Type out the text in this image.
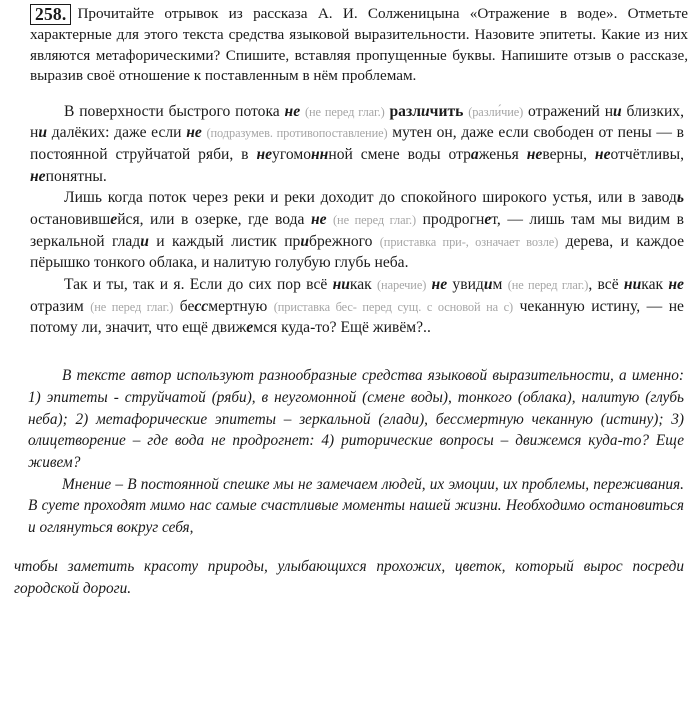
258. Прочитайте отрывок из рассказа А. И. Солженицына «Отражение в воде». Отметьте характерные для этого текста средства языковой выразительности. Назовите эпитеты. Какие из них являются метафорическими? Спишите, вставляя пропущенные буквы. Напишите отзыв о рассказе, выразив своё отношение к поставленным в нём проблемам.

В поверхности быстрого потока не (не перед глаг.) различить (разли́чие) отражений ни близких, ни далёких: даже если не (подразумев. противопоставление) мутен он, даже если свободен от пены — в постоянной струйчатой ряби, в неугомоннной смене воды отраженья неверны, неотчётливы, непонятны.

Лишь когда поток через реки и реки доходит до спокойного широкого устья, или в заводь остановившейся, или в озерке, где вода не (не перед глаг.) продрогнет, — лишь там мы видим в зеркальной глади и каждый листик прибрежного (приставка при-, означает возле) дерева, и каждое пёрышко тонкого облака, и налитую голубую глубь неба.

Так и ты, так и я. Если до сих пор всё никак (наречие) не увидим (не перед глаг.), всё никак не отразим (не перед глаг.) бессмертную (приставка бес- перед сущ. с основой на с) чеканную истину, — не потому ли, значит, что ещё движемся куда-то? Ещё живём?..

В тексте автор используют разнообразные средства языковой выразительности, а именно: 1) эпитеты - струйчатой (ряби), в неугомонной (смене воды), тонкого (облака), налитую (глубь неба); 2) метафорические эпитеты – зеркальной (глади), бессмертную чеканную (истину); 3) олицетворение – где вода не продрогнет: 4) риторические вопросы – движемся куда-то? Еще живем?

Мнение – В постоянной спешке мы не замечаем людей, их эмоции, их проблемы, переживания. В суете проходят мимо нас самые счастливые моменты нашей жизни. Необходимо остановиться и оглянуться вокруг себя,

чтобы заметить красоту природы, улыбающихся прохожих, цветок, который вырос посреди городской дороги.
